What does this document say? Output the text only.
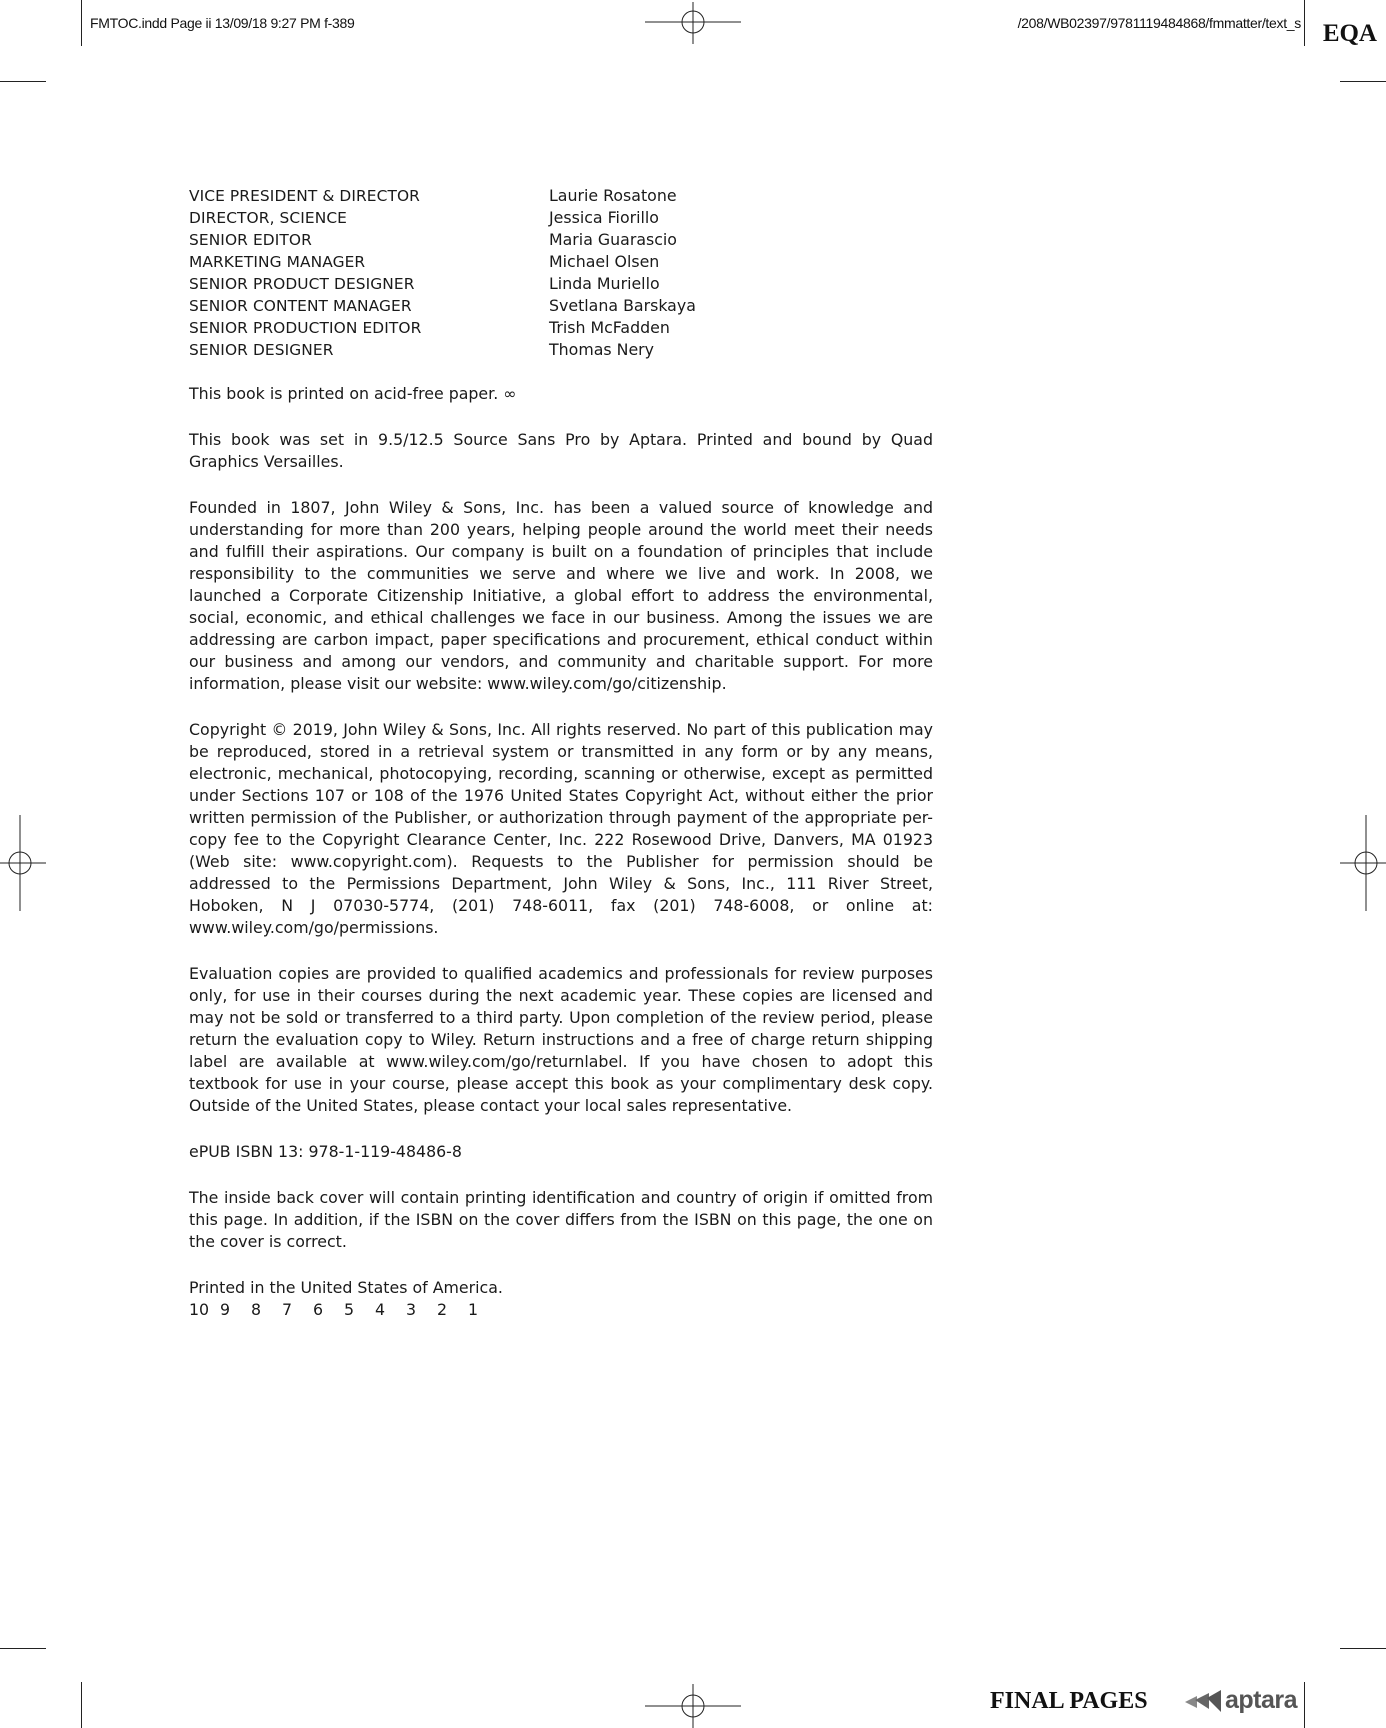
FMTOC.indd Page ii 13/09/18 9:27 PM f-389	/208/WB02397/9781119484868/fmmatter/text_s EQA
VICE PRESIDENT & DIRECTOR	Laurie Rosatone
DIRECTOR, SCIENCE	Jessica Fiorillo
SENIOR EDITOR	Maria Guarascio
MARKETING MANAGER	Michael Olsen
SENIOR PRODUCT DESIGNER	Linda Muriello
SENIOR CONTENT MANAGER	Svetlana Barskaya
SENIOR PRODUCTION EDITOR	Trish McFadden
SENIOR DESIGNER	Thomas Nery

This book is printed on acid-free paper. ∞

This book was set in 9.5/12.5 Source Sans Pro by Aptara. Printed and bound by Quad Graphics Versailles.

Founded in 1807, John Wiley & Sons, Inc. has been a valued source of knowledge and understanding for more than 200 years, helping people around the world meet their needs and fulfill their aspirations. Our company is built on a foundation of principles that include responsibility to the communities we serve and where we live and work. In 2008, we launched a Corporate Citizenship Initiative, a global effort to address the environmental, social, economic, and ethical challenges we face in our business. Among the issues we are addressing are carbon impact, paper specifications and procurement, ethical conduct within our business and among our vendors, and community and charitable support. For more information, please visit our website: www.wiley.com/go/citizenship.

Copyright © 2019, John Wiley & Sons, Inc. All rights reserved. No part of this publication may be reproduced, stored in a retrieval system or transmitted in any form or by any means, electronic, mechanical, photocopying, recording, scanning or otherwise, except as permitted under Sections 107 or 108 of the 1976 United States Copyright Act, without either the prior written permission of the Publisher, or authorization through payment of the appropriate per-copy fee to the Copyright Clearance Center, Inc. 222 Rosewood Drive, Danvers, MA 01923 (Web site: www.copyright.com). Requests to the Publisher for permission should be addressed to the Permissions Department, John Wiley & Sons, Inc., 111 River Street, Hoboken, N J 07030-5774, (201) 748-6011, fax (201) 748-6008, or online at: www.wiley.com/go/permissions.

Evaluation copies are provided to qualified academics and professionals for review purposes only, for use in their courses during the next academic year. These copies are licensed and may not be sold or transferred to a third party. Upon completion of the review period, please return the evaluation copy to Wiley. Return instructions and a free of charge return shipping label are available at www.wiley.com/go/returnlabel. If you have chosen to adopt this textbook for use in your course, please accept this book as your complimentary desk copy. Outside of the United States, please contact your local sales representative.

ePUB ISBN 13: 978-1-119-48486-8

The inside back cover will contain printing identification and country of origin if omitted from this page. In addition, if the ISBN on the cover differs from the ISBN on this page, the one on the cover is correct.

Printed in the United States of America.

10 9	8	7	6	5	4	3	2	1
FINAL PAGES	aptara
